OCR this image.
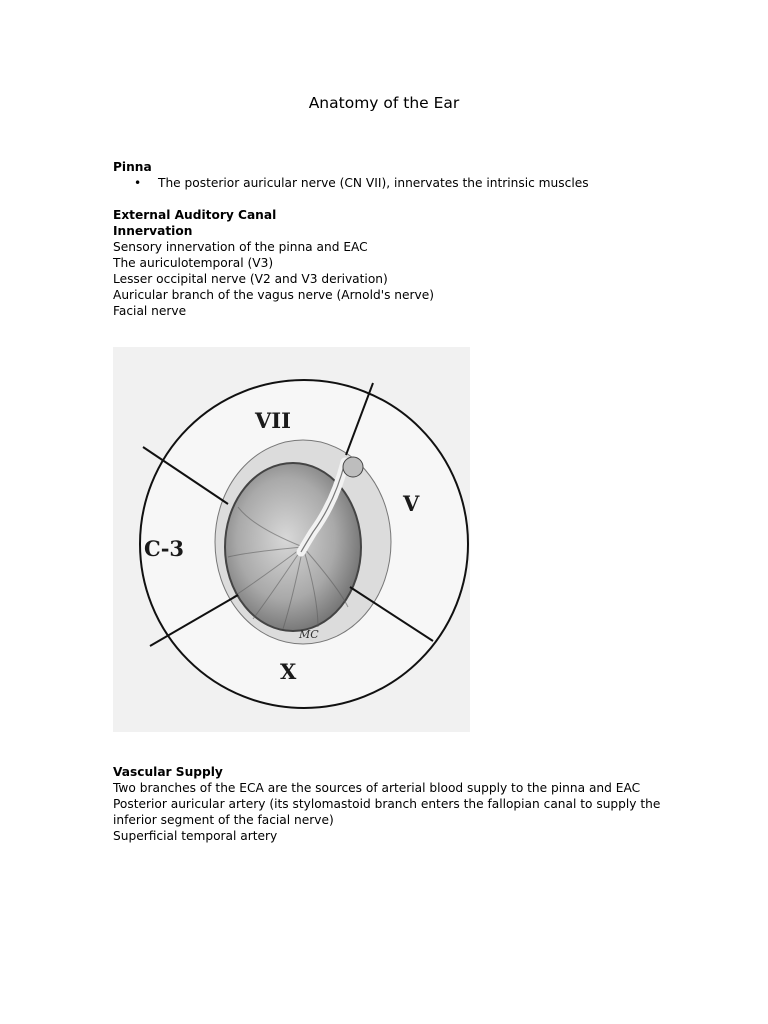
Anatomy of the Ear
Pinna
• The posterior auricular nerve (CN VII), innervates the intrinsic muscles
External Auditory Canal
Innervation
Sensory innervation of the pinna and EAC
The auriculotemporal (V3)
Lesser occipital nerve (V2 and V3 derivation)
Auricular branch of the vagus nerve (Arnold's nerve)
Facial nerve
VII
V
C-3
X
MC
Vascular Supply
Two branches of the ECA are the sources of arterial blood supply to the pinna and EAC
Posterior auricular artery (its stylomastoid branch enters the fallopian canal to supply the inferior segment of the facial nerve)
Superficial temporal artery
